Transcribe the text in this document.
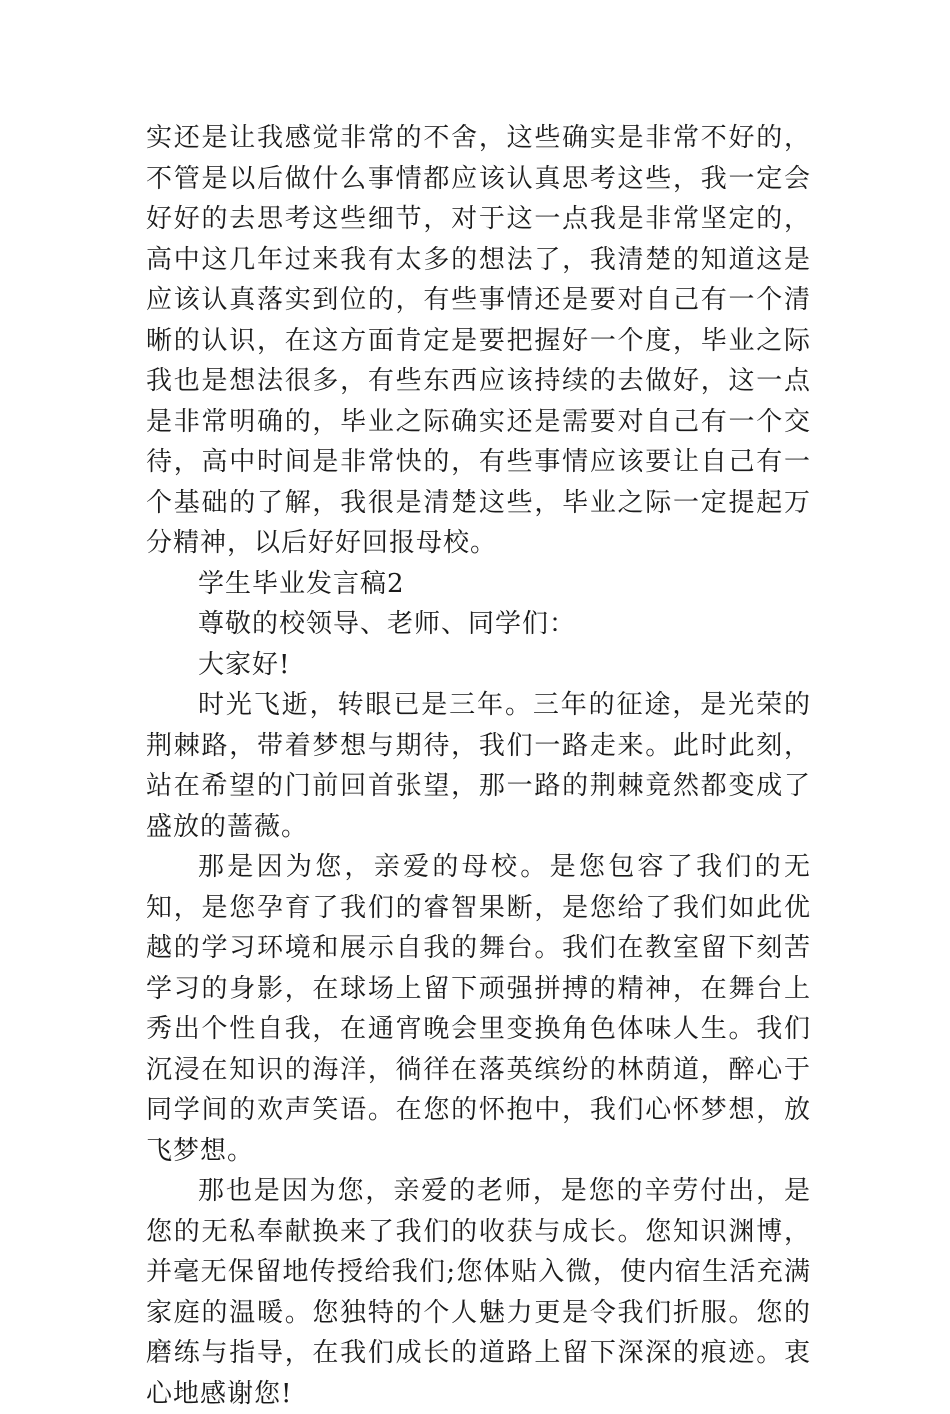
实还是让我感觉非常的不舍，这些确实是非常不好的，不管是以后做什么事情都应该认真思考这些，我一定会好好的去思考这些细节，对于这一点我是非常坚定的，高中这几年过来我有太多的想法了，我清楚的知道这是应该认真落实到位的，有些事情还是要对自己有一个清晰的认识，在这方面肯定是要把握好一个度，毕业之际我也是想法很多，有些东西应该持续的去做好，这一点是非常明确的，毕业之际确实还是需要对自己有一个交待，高中时间是非常快的，有些事情应该要让自己有一个基础的了解，我很是清楚这些，毕业之际一定提起万分精神，以后好好回报母校。

学生毕业发言稿2

尊敬的校领导、老师、同学们：

大家好!

时光飞逝，转眼已是三年。三年的征途，是光荣的荆棘路，带着梦想与期待，我们一路走来。此时此刻，站在希望的门前回首张望，那一路的荆棘竟然都变成了盛放的蔷薇。

那是因为您，亲爱的母校。是您包容了我们的无知，是您孕育了我们的睿智果断，是您给了我们如此优越的学习环境和展示自我的舞台。我们在教室留下刻苦学习的身影，在球场上留下顽强拼搏的精神，在舞台上秀出个性自我，在通宵晚会里变换角色体味人生。我们沉浸在知识的海洋，徜徉在落英缤纷的林荫道，醉心于同学间的欢声笑语。在您的怀抱中，我们心怀梦想，放飞梦想。

那也是因为您，亲爱的老师，是您的辛劳付出，是您的无私奉献换来了我们的收获与成长。您知识渊博，并毫无保留地传授给我们;您体贴入微，使内宿生活充满家庭的温暖。您独特的个人魅力更是令我们折服。您的磨练与指导，在我们成长的道路上留下深深的痕迹。衷心地感谢您!
